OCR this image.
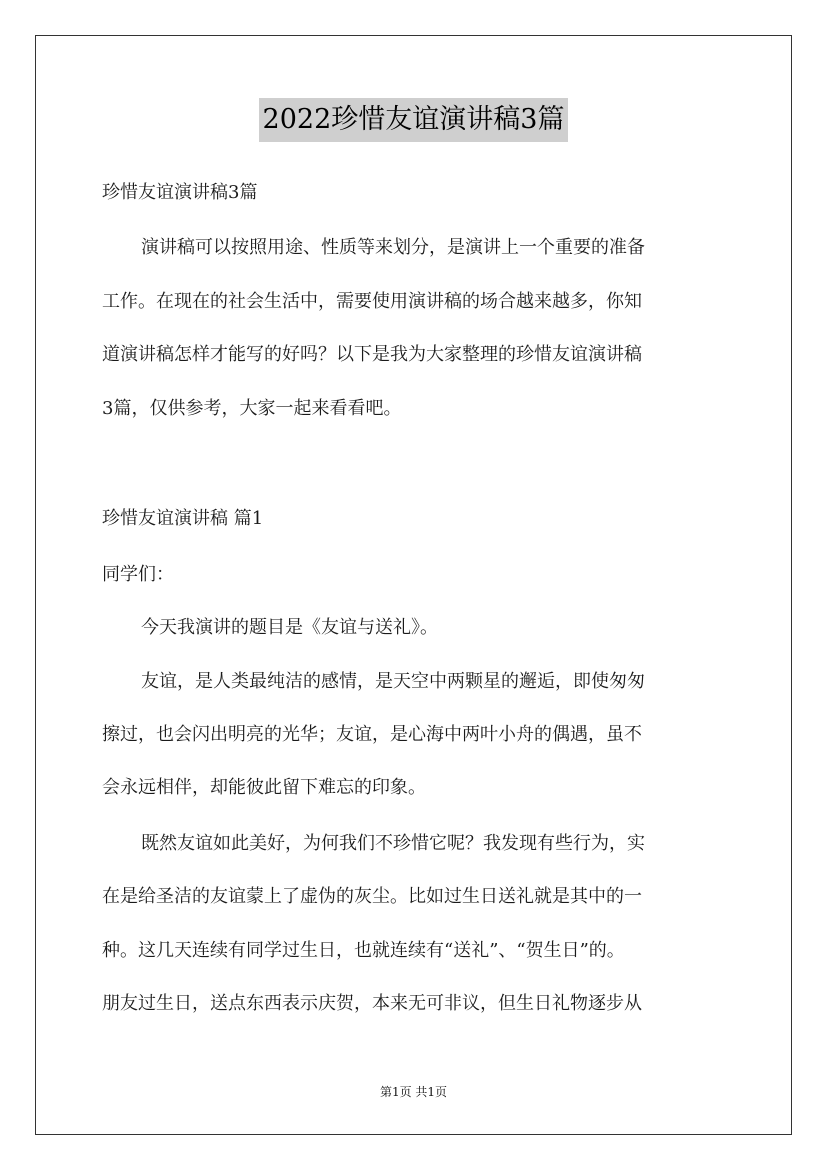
2022珍惜友谊演讲稿3篇
珍惜友谊演讲稿3篇
演讲稿可以按照用途、性质等来划分，是演讲上一个重要的准备
工作。在现在的社会生活中，需要使用演讲稿的场合越来越多，你知
道演讲稿怎样才能写的好吗？以下是我为大家整理的珍惜友谊演讲稿
3篇，仅供参考，大家一起来看看吧。
珍惜友谊演讲稿 篇1
同学们：
今天我演讲的题目是《友谊与送礼》。
友谊，是人类最纯洁的感情，是天空中两颗星的邂逅，即使匆匆
擦过，也会闪出明亮的光华；友谊，是心海中两叶小舟的偶遇，虽不
会永远相伴，却能彼此留下难忘的印象。
既然友谊如此美好，为何我们不珍惜它呢？我发现有些行为，实
在是给圣洁的友谊蒙上了虚伪的灰尘。比如过生日送礼就是其中的一
种。这几天连续有同学过生日，也就连续有“送礼”、“贺生日”的。
朋友过生日，送点东西表示庆贺，本来无可非议，但生日礼物逐步从
第1页 共1页
